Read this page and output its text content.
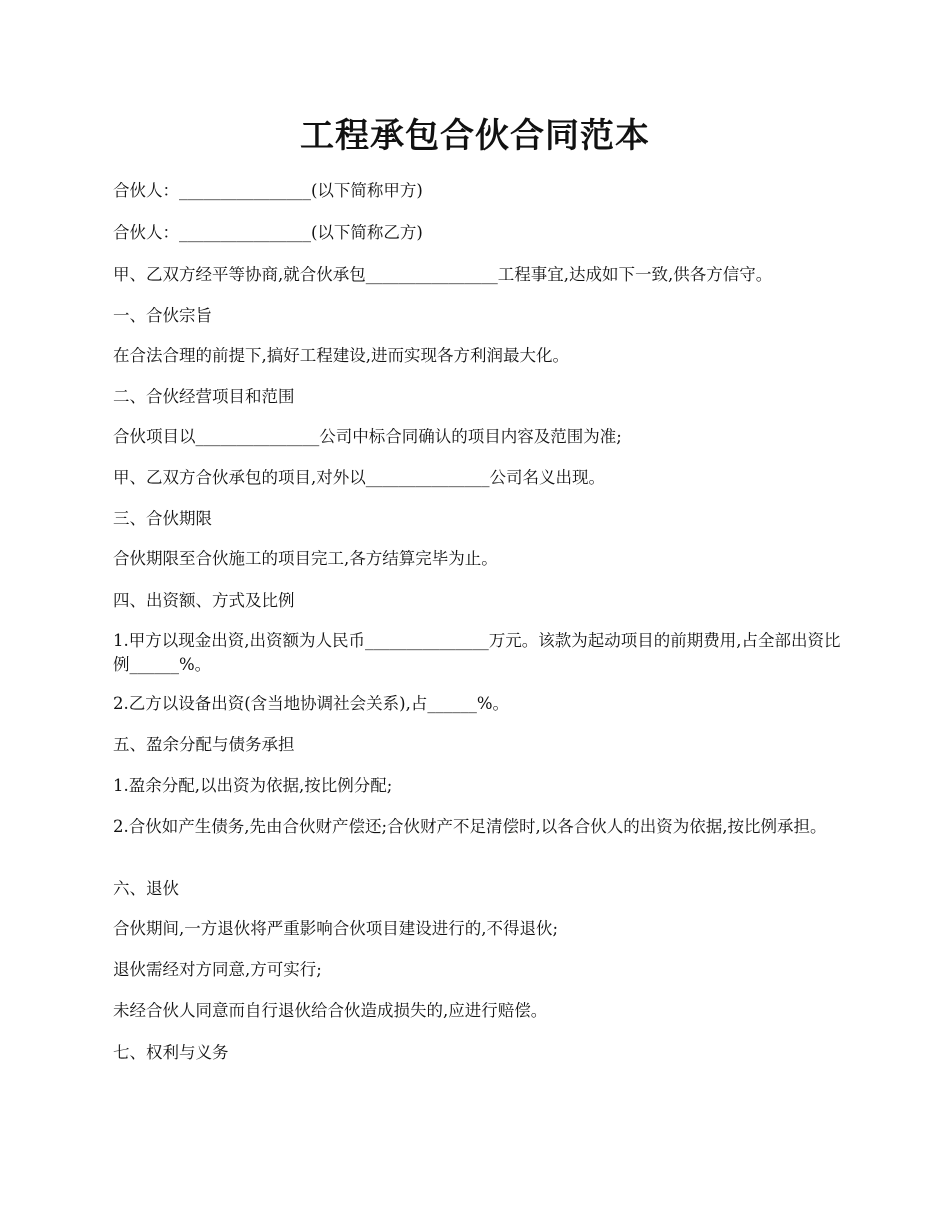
工程承包合伙合同范本

合伙人：________________(以下简称甲方)

合伙人：________________(以下简称乙方)

甲、乙双方经平等协商,就合伙承包________________工程事宜,达成如下一致,供各方信守。

一、合伙宗旨

在合法合理的前提下,搞好工程建设,进而实现各方利润最大化。

二、合伙经营项目和范围

合伙项目以_______________公司中标合同确认的项目内容及范围为准;

甲、乙双方合伙承包的项目,对外以_______________公司名义出现。

三、合伙期限

合伙期限至合伙施工的项目完工,各方结算完毕为止。

四、出资额、方式及比例

1.甲方以现金出资,出资额为人民币_______________万元。该款为起动项目的前期费用,占全部出资比例______%。

2.乙方以设备出资(含当地协调社会关系),占______%。

五、盈余分配与债务承担

1.盈余分配,以出资为依据,按比例分配;

2.合伙如产生债务,先由合伙财产偿还;合伙财产不足清偿时,以各合伙人的出资为依据,按比例承担。

六、退伙

合伙期间,一方退伙将严重影响合伙项目建设进行的,不得退伙;

退伙需经对方同意,方可实行;

未经合伙人同意而自行退伙给合伙造成损失的,应进行赔偿。

七、权利与义务
